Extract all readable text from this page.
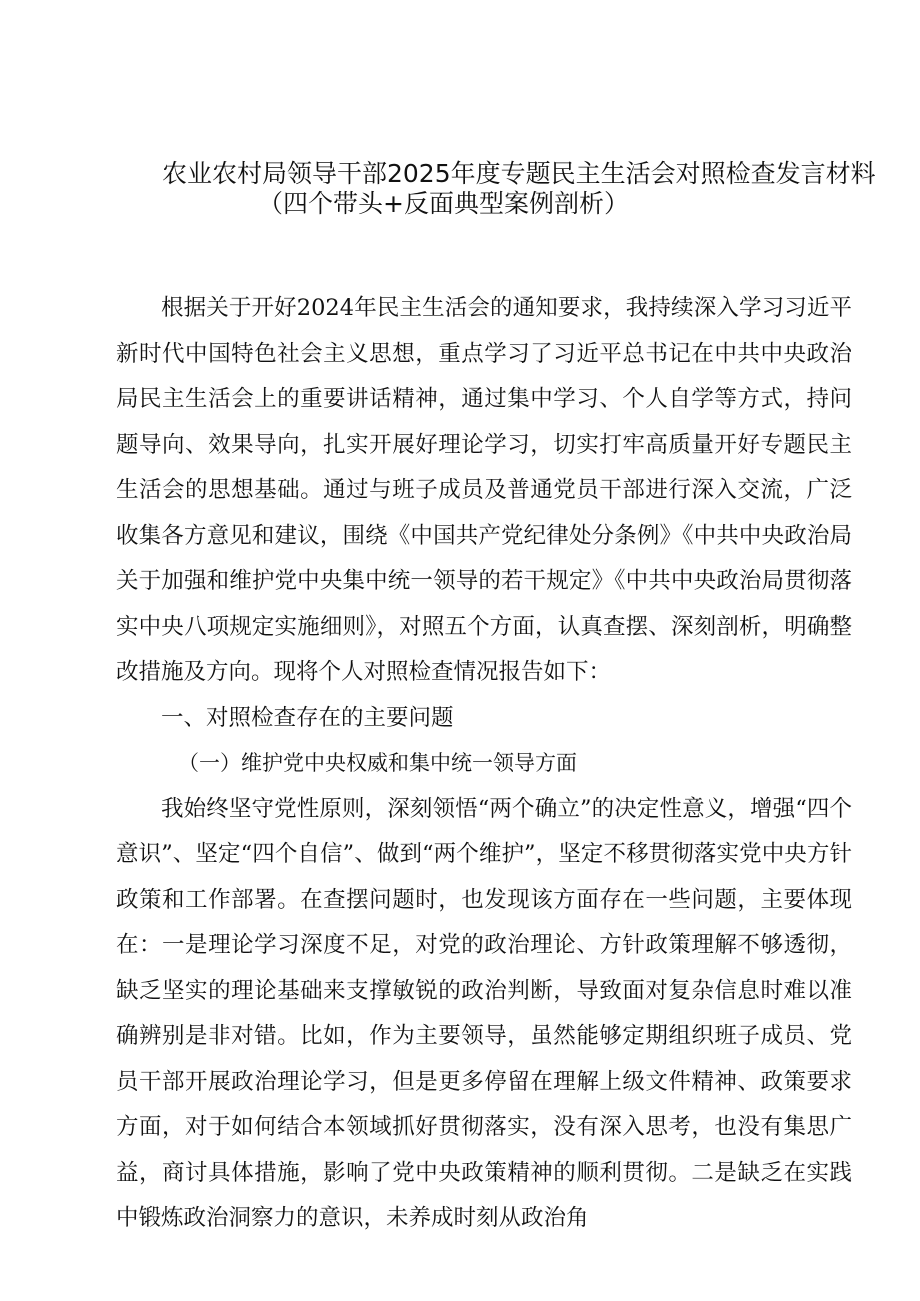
农业农村局领导干部2025年度专题民主生活会对照检查发言材料
（四个带头+反面典型案例剖析）

根据关于开好2024年民主生活会的通知要求，我持续深入学习习近平新时代中国特色社会主义思想，重点学习了习近平总书记在中共中央政治局民主生活会上的重要讲话精神，通过集中学习、个人自学等方式，持问题导向、效果导向，扎实开展好理论学习，切实打牢高质量开好专题民主生活会的思想基础。通过与班子成员及普通党员干部进行深入交流，广泛收集各方意见和建议，围绕《中国共产党纪律处分条例》《中共中央政治局关于加强和维护党中央集中统一领导的若干规定》《中共中央政治局贯彻落实中央八项规定实施细则》，对照五个方面，认真查摆、深刻剖析，明确整改措施及方向。现将个人对照检查情况报告如下：

一、对照检查存在的主要问题

（一）维护党中央权威和集中统一领导方面

我始终坚守党性原则，深刻领悟“两个确立”的决定性意义，增强“四个意识”、坚定“四个自信”、做到“两个维护”，坚定不移贯彻落实党中央方针政策和工作部署。在查摆问题时，也发现该方面存在一些问题，主要体现在：一是理论学习深度不足，对党的政治理论、方针政策理解不够透彻，缺乏坚实的理论基础来支撑敏锐的政治判断，导致面对复杂信息时难以准确辨别是非对错。比如，作为主要领导，虽然能够定期组织班子成员、党员干部开展政治理论学习，但是更多停留在理解上级文件精神、政策要求方面，对于如何结合本领域抓好贯彻落实，没有深入思考，也没有集思广益，商讨具体措施，影响了党中央政策精神的顺利贯彻。二是缺乏在实践中锻炼政治洞察力的意识，未养成时刻从政治角
